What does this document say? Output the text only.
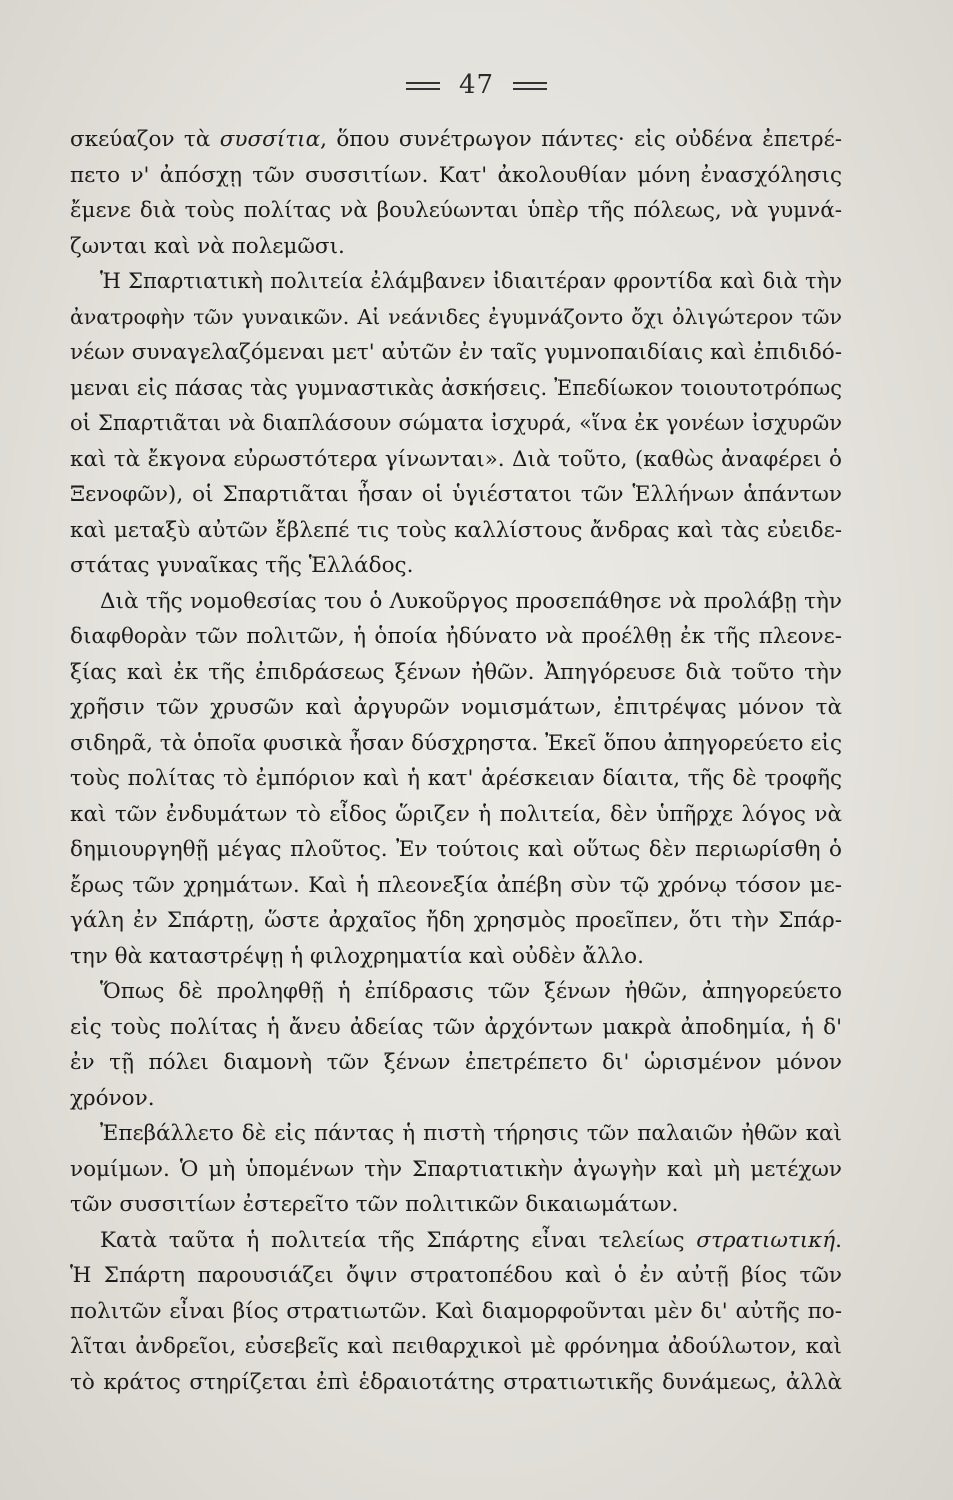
47
σκεύαζον τὰ συσσίτια, ὅπου συνέτρωγον πάντες· εἰς οὐδένα ἐπετρέ-
πετο ν' ἀπόσχῃ τῶν συσσιτίων. Κατ' ἀκολουθίαν μόνη ἐνασχόλησις
ἔμενε διὰ τοὺς πολίτας νὰ βουλεύωνται ὑπὲρ τῆς πόλεως, νὰ γυμνά-
ζωνται καὶ νὰ πολεμῶσι.
Ἡ Σπαρτιατικὴ πολιτεία ἐλάμβανεν ἰδιαιτέραν φροντίδα καὶ διὰ τὴν
ἀνατροφὴν τῶν γυναικῶν. Αἱ νεάνιδες ἐγυμνάζοντο ὄχι ὀλιγώτερον τῶν
νέων συναγελαζόμεναι μετ' αὐτῶν ἐν ταῖς γυμνοπαιδίαις καὶ ἐπιδιδό-
μεναι εἰς πάσας τὰς γυμναστικὰς ἀσκήσεις. Ἐπεδίωκον τοιουτοτρόπως
οἱ Σπαρτιᾶται νὰ διαπλάσουν σώματα ἰσχυρά, «ἵνα ἐκ γονέων ἰσχυρῶν
καὶ τὰ ἔκγονα εὐρωστότερα γίνωνται». Διὰ τοῦτο, (καθὼς ἀναφέρει ὁ
Ξενοφῶν), οἱ Σπαρτιᾶται ἦσαν οἱ ὑγιέστατοι τῶν Ἑλλήνων ἁπάντων
καὶ μεταξὺ αὐτῶν ἔβλεπέ τις τοὺς καλλίστους ἄνδρας καὶ τὰς εὐειδε-
στάτας γυναῖκας τῆς Ἑλλάδος.
Διὰ τῆς νομοθεσίας του ὁ Λυκοῦργος προσεπάθησε νὰ προλάβῃ τὴν
διαφθορὰν τῶν πολιτῶν, ἡ ὁποία ἠδύνατο νὰ προέλθῃ ἐκ τῆς πλεονε-
ξίας καὶ ἐκ τῆς ἐπιδράσεως ξένων ἠθῶν. Ἀπηγόρευσε διὰ τοῦτο τὴν
χρῆσιν τῶν χρυσῶν καὶ ἀργυρῶν νομισμάτων, ἐπιτρέψας μόνον τὰ
σιδηρᾶ, τὰ ὁποῖα φυσικὰ ἦσαν δύσχρηστα. Ἐκεῖ ὅπου ἀπηγορεύετο εἰς
τοὺς πολίτας τὸ ἐμπόριον καὶ ἡ κατ' ἀρέσκειαν δίαιτα, τῆς δὲ τροφῆς
καὶ τῶν ἐνδυμάτων τὸ εἶδος ὥριζεν ἡ πολιτεία, δὲν ὑπῆρχε λόγος νὰ
δημιουργηθῇ μέγας πλοῦτος. Ἐν τούτοις καὶ οὕτως δὲν περιωρίσθη ὁ
ἔρως τῶν χρημάτων. Καὶ ἡ πλεονεξία ἀπέβη σὺν τῷ χρόνῳ τόσον με-
γάλη ἐν Σπάρτῃ, ὥστε ἀρχαῖος ἤδη χρησμὸς προεῖπεν, ὅτι τὴν Σπάρ-
την θὰ καταστρέψῃ ἡ φιλοχρηματία καὶ οὐδὲν ἄλλο.
Ὅπως δὲ προληφθῇ ἡ ἐπίδρασις τῶν ξένων ἠθῶν, ἀπηγορεύετο
εἰς τοὺς πολίτας ἡ ἄνευ ἀδείας τῶν ἀρχόντων μακρὰ ἀποδημία, ἡ δ'
ἐν τῇ πόλει διαμονὴ τῶν ξένων ἐπετρέπετο δι' ὡρισμένον μόνον
χρόνον.
Ἐπεβάλλετο δὲ εἰς πάντας ἡ πιστὴ τήρησις τῶν παλαιῶν ἠθῶν καὶ
νομίμων. Ὁ μὴ ὑπομένων τὴν Σπαρτιατικὴν ἀγωγὴν καὶ μὴ μετέχων
τῶν συσσιτίων ἐστερεῖτο τῶν πολιτικῶν δικαιωμάτων.
Κατὰ ταῦτα ἡ πολιτεία τῆς Σπάρτης εἶναι τελείως στρατιωτική.
Ἡ Σπάρτη παρουσιάζει ὄψιν στρατοπέδου καὶ ὁ ἐν αὐτῇ βίος τῶν
πολιτῶν εἶναι βίος στρατιωτῶν. Καὶ διαμορφοῦνται μὲν δι' αὐτῆς πο-
λῖται ἀνδρεῖοι, εὐσεβεῖς καὶ πειθαρχικοὶ μὲ φρόνημα ἀδούλωτον, καὶ
τὸ κράτος στηρίζεται ἐπὶ ἑδραιοτάτης στρατιωτικῆς δυνάμεως, ἀλλὰ
